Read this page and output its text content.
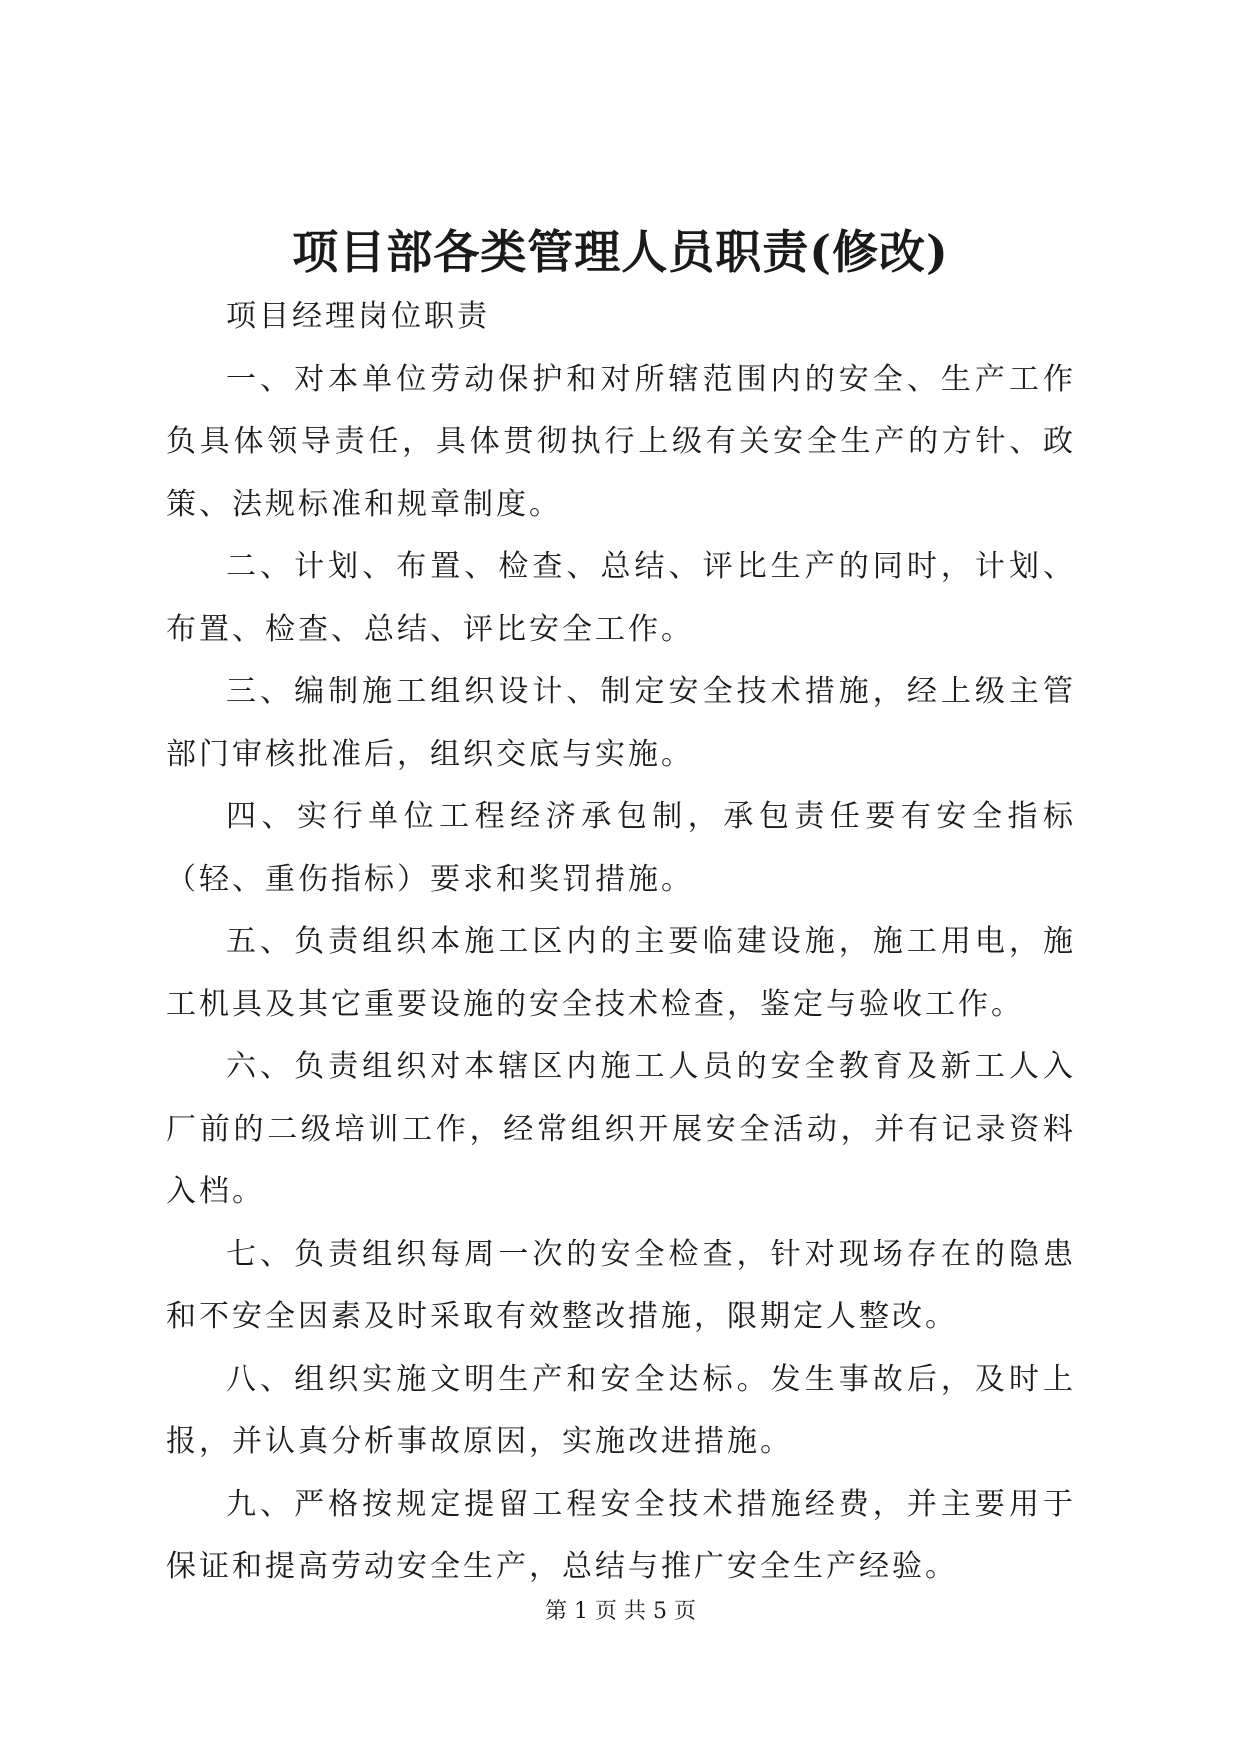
项目部各类管理人员职责(修改)

项目经理岗位职责

一、对本单位劳动保护和对所辖范围内的安全、生产工作负具体领导责任，具体贯彻执行上级有关安全生产的方针、政策、法规标准和规章制度。

二、计划、布置、检查、总结、评比生产的同时，计划、布置、检查、总结、评比安全工作。

三、编制施工组织设计、制定安全技术措施，经上级主管部门审核批准后，组织交底与实施。

四、实行单位工程经济承包制，承包责任要有安全指标（轻、重伤指标）要求和奖罚措施。

五、负责组织本施工区内的主要临建设施，施工用电，施工机具及其它重要设施的安全技术检查，鉴定与验收工作。

六、负责组织对本辖区内施工人员的安全教育及新工人入厂前的二级培训工作，经常组织开展安全活动，并有记录资料入档。

七、负责组织每周一次的安全检查，针对现场存在的隐患和不安全因素及时采取有效整改措施，限期定人整改。

八、组织实施文明生产和安全达标。发生事故后，及时上报，并认真分析事故原因，实施改进措施。

九、严格按规定提留工程安全技术措施经费，并主要用于保证和提高劳动安全生产，总结与推广安全生产经验。

第 1 页 共 5 页
